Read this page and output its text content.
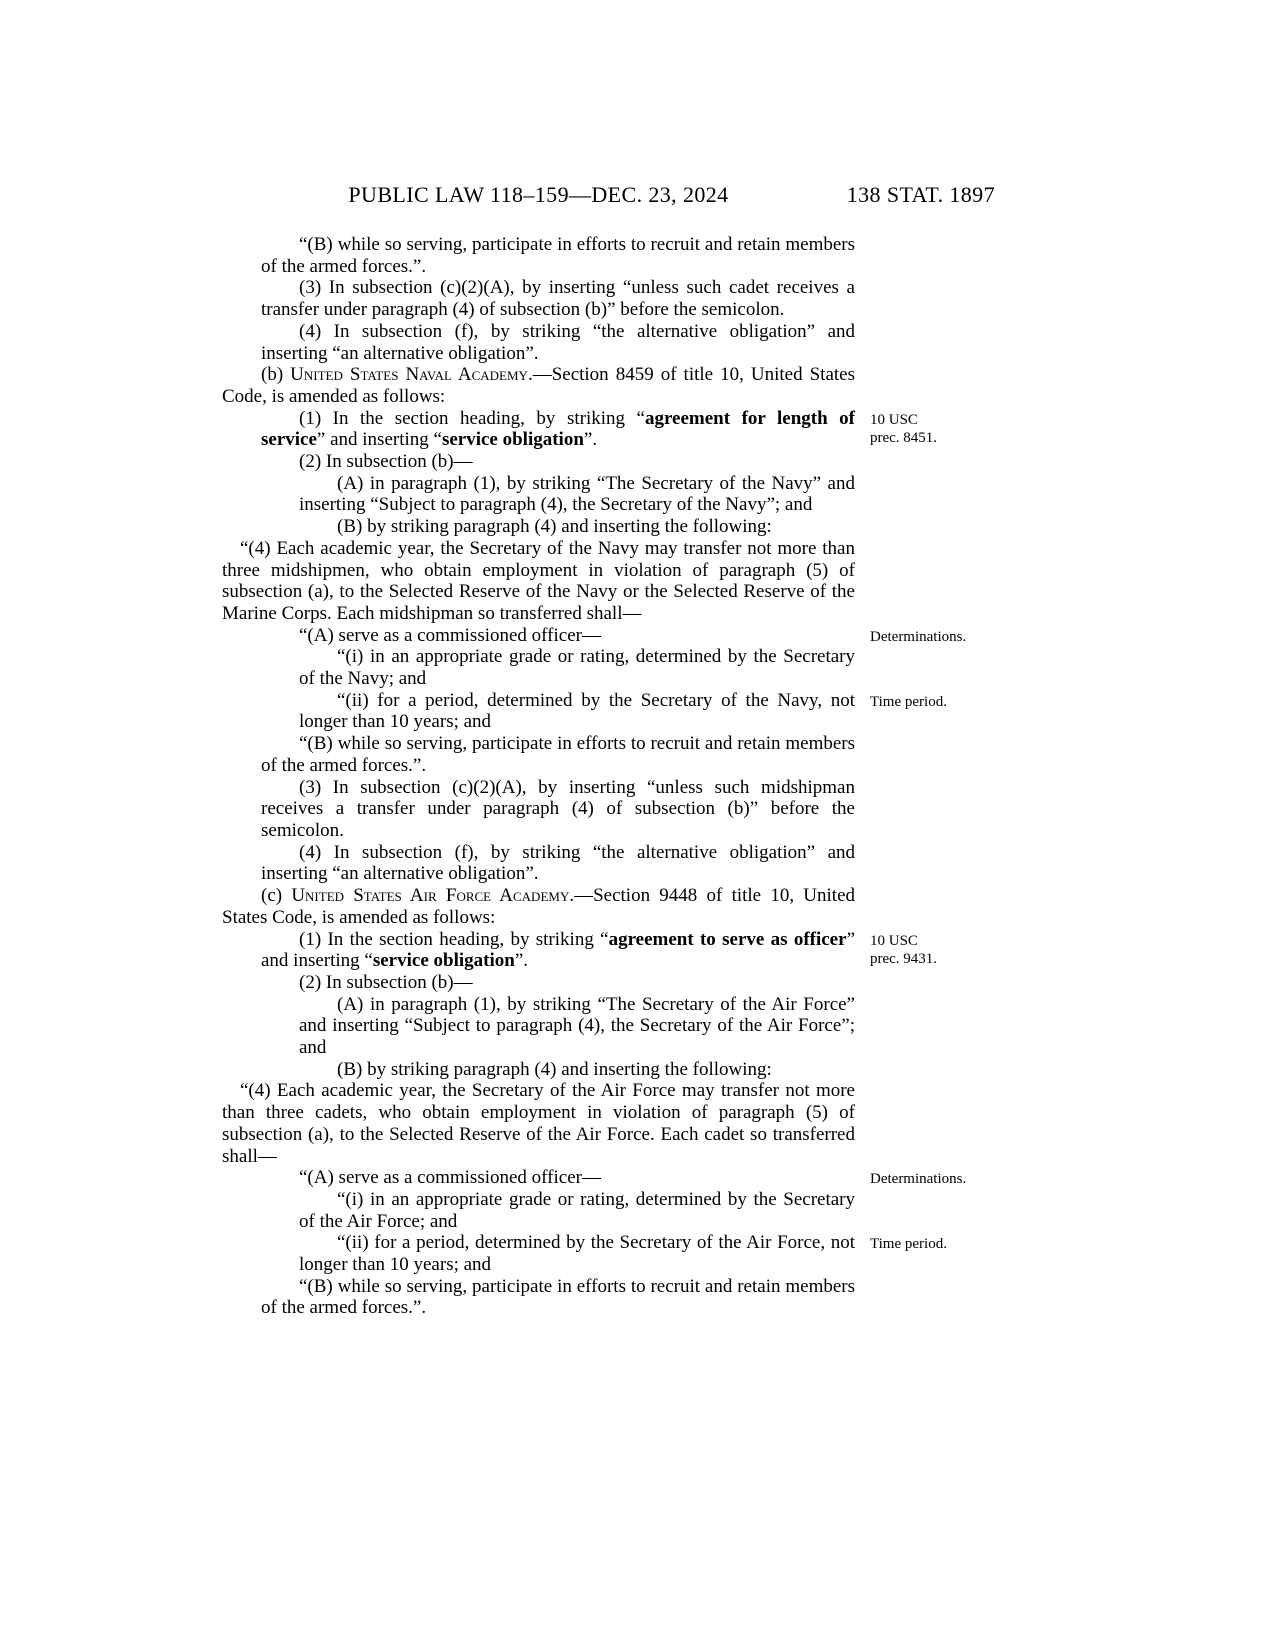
PUBLIC LAW 118–159—DEC. 23, 2024	138 STAT. 1897
“(B) while so serving, participate in efforts to recruit and retain members of the armed forces.”.
(3) In subsection (c)(2)(A), by inserting “unless such cadet receives a transfer under paragraph (4) of subsection (b)” before the semicolon.
(4) In subsection (f), by striking “the alternative obligation” and inserting “an alternative obligation”.
(b) United States Naval Academy.—Section 8459 of title 10, United States Code, is amended as follows:
(1) In the section heading, by striking “agreement for length of service” and inserting “service obligation”.
10 USC
prec. 8451.
(2) In subsection (b)—
(A) in paragraph (1), by striking “The Secretary of the Navy” and inserting “Subject to paragraph (4), the Secretary of the Navy”; and
(B) by striking paragraph (4) and inserting the following:
“(4) Each academic year, the Secretary of the Navy may transfer not more than three midshipmen, who obtain employment in violation of paragraph (5) of subsection (a), to the Selected Reserve of the Navy or the Selected Reserve of the Marine Corps. Each midshipman so transferred shall—
“(A) serve as a commissioned officer—	Determinations.
“(i) in an appropriate grade or rating, determined by the Secretary of the Navy; and
“(ii) for a period, determined by the Secretary of the Navy, not longer than 10 years; and
Time period.
“(B) while so serving, participate in efforts to recruit and retain members of the armed forces.”.
(3) In subsection (c)(2)(A), by inserting “unless such midshipman receives a transfer under paragraph (4) of subsection (b)” before the semicolon.
(4) In subsection (f), by striking “the alternative obligation” and inserting “an alternative obligation”.
(c) United States Air Force Academy.—Section 9448 of title 10, United States Code, is amended as follows:
(1) In the section heading, by striking “agreement to serve as officer” and inserting “service obligation”.
10 USC
prec. 9431.
(2) In subsection (b)—
(A) in paragraph (1), by striking “The Secretary of the Air Force” and inserting “Subject to paragraph (4), the Secretary of the Air Force”; and
(B) by striking paragraph (4) and inserting the following:
“(4) Each academic year, the Secretary of the Air Force may transfer not more than three cadets, who obtain employment in violation of paragraph (5) of subsection (a), to the Selected Reserve of the Air Force. Each cadet so transferred shall—
“(A) serve as a commissioned officer—	Determinations.
“(i) in an appropriate grade or rating, determined by the Secretary of the Air Force; and
“(ii) for a period, determined by the Secretary of the Air Force, not longer than 10 years; and
Time period.
“(B) while so serving, participate in efforts to recruit and retain members of the armed forces.”.
